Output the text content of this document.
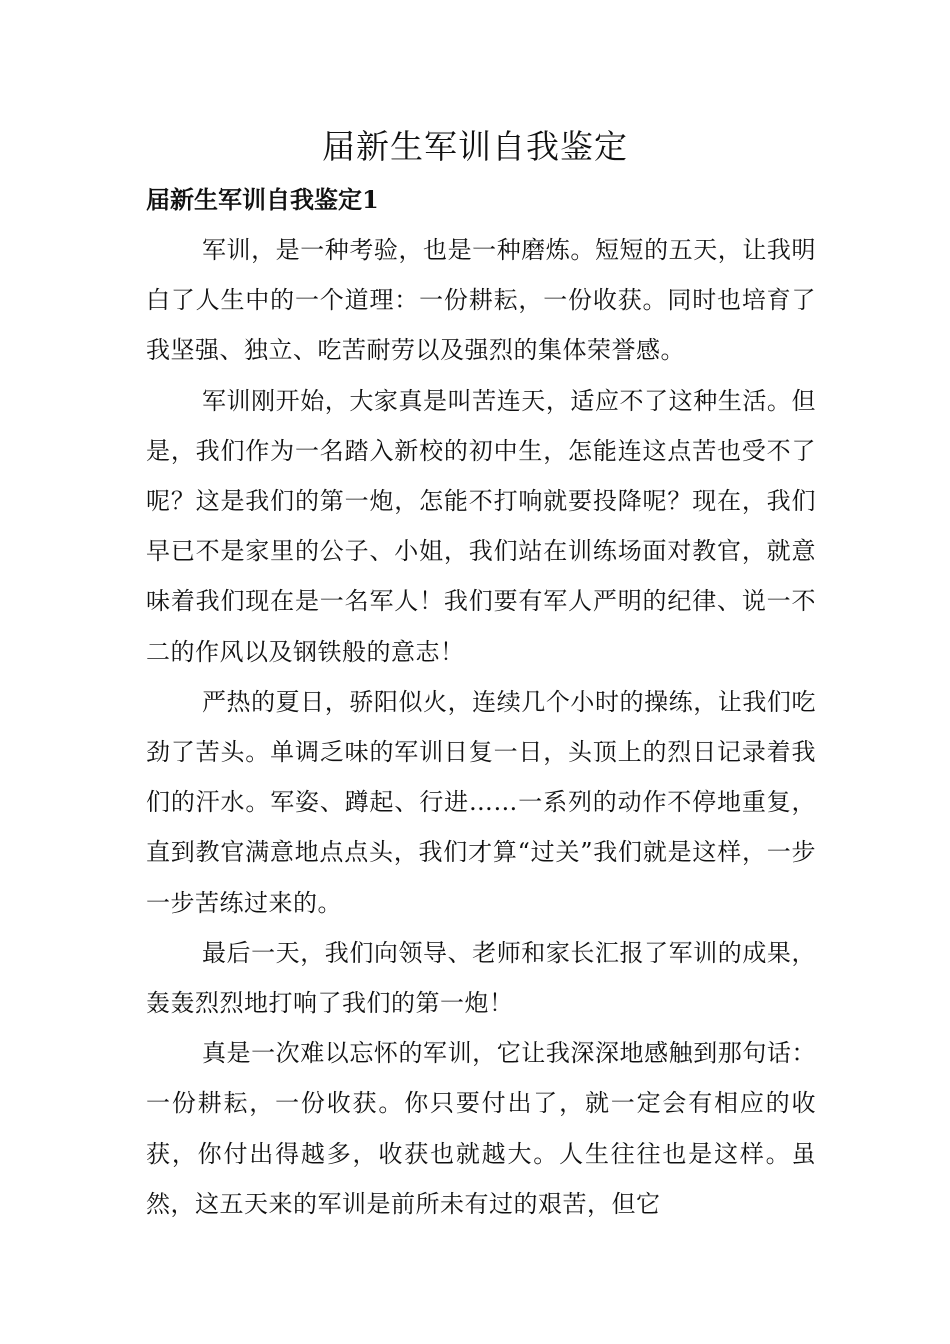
届新生军训自我鉴定
届新生军训自我鉴定1

军训，是一种考验，也是一种磨炼。短短的五天，让我明白了人生中的一个道理：一份耕耘，一份收获。同时也培育了我坚强、独立、吃苦耐劳以及强烈的集体荣誉感。

军训刚开始，大家真是叫苦连天，适应不了这种生活。但是，我们作为一名踏入新校的初中生，怎能连这点苦也受不了呢？这是我们的第一炮，怎能不打响就要投降呢？现在，我们早已不是家里的公子、小姐，我们站在训练场面对教官，就意味着我们现在是一名军人！我们要有军人严明的纪律、说一不二的作风以及钢铁般的意志！

严热的夏日，骄阳似火，连续几个小时的操练，让我们吃劲了苦头。单调乏味的军训日复一日，头顶上的烈日记录着我们的汗水。军姿、蹲起、行进……一系列的动作不停地重复，直到教官满意地点点头，我们才算“过关”我们就是这样，一步一步苦练过来的。

最后一天，我们向领导、老师和家长汇报了军训的成果，轰轰烈烈地打响了我们的第一炮！

真是一次难以忘怀的军训，它让我深深地感触到那句话：一份耕耘，一份收获。你只要付出了，就一定会有相应的收获，你付出得越多，收获也就越大。人生往往也是这样。虽然，这五天来的军训是前所未有过的艰苦，但它
